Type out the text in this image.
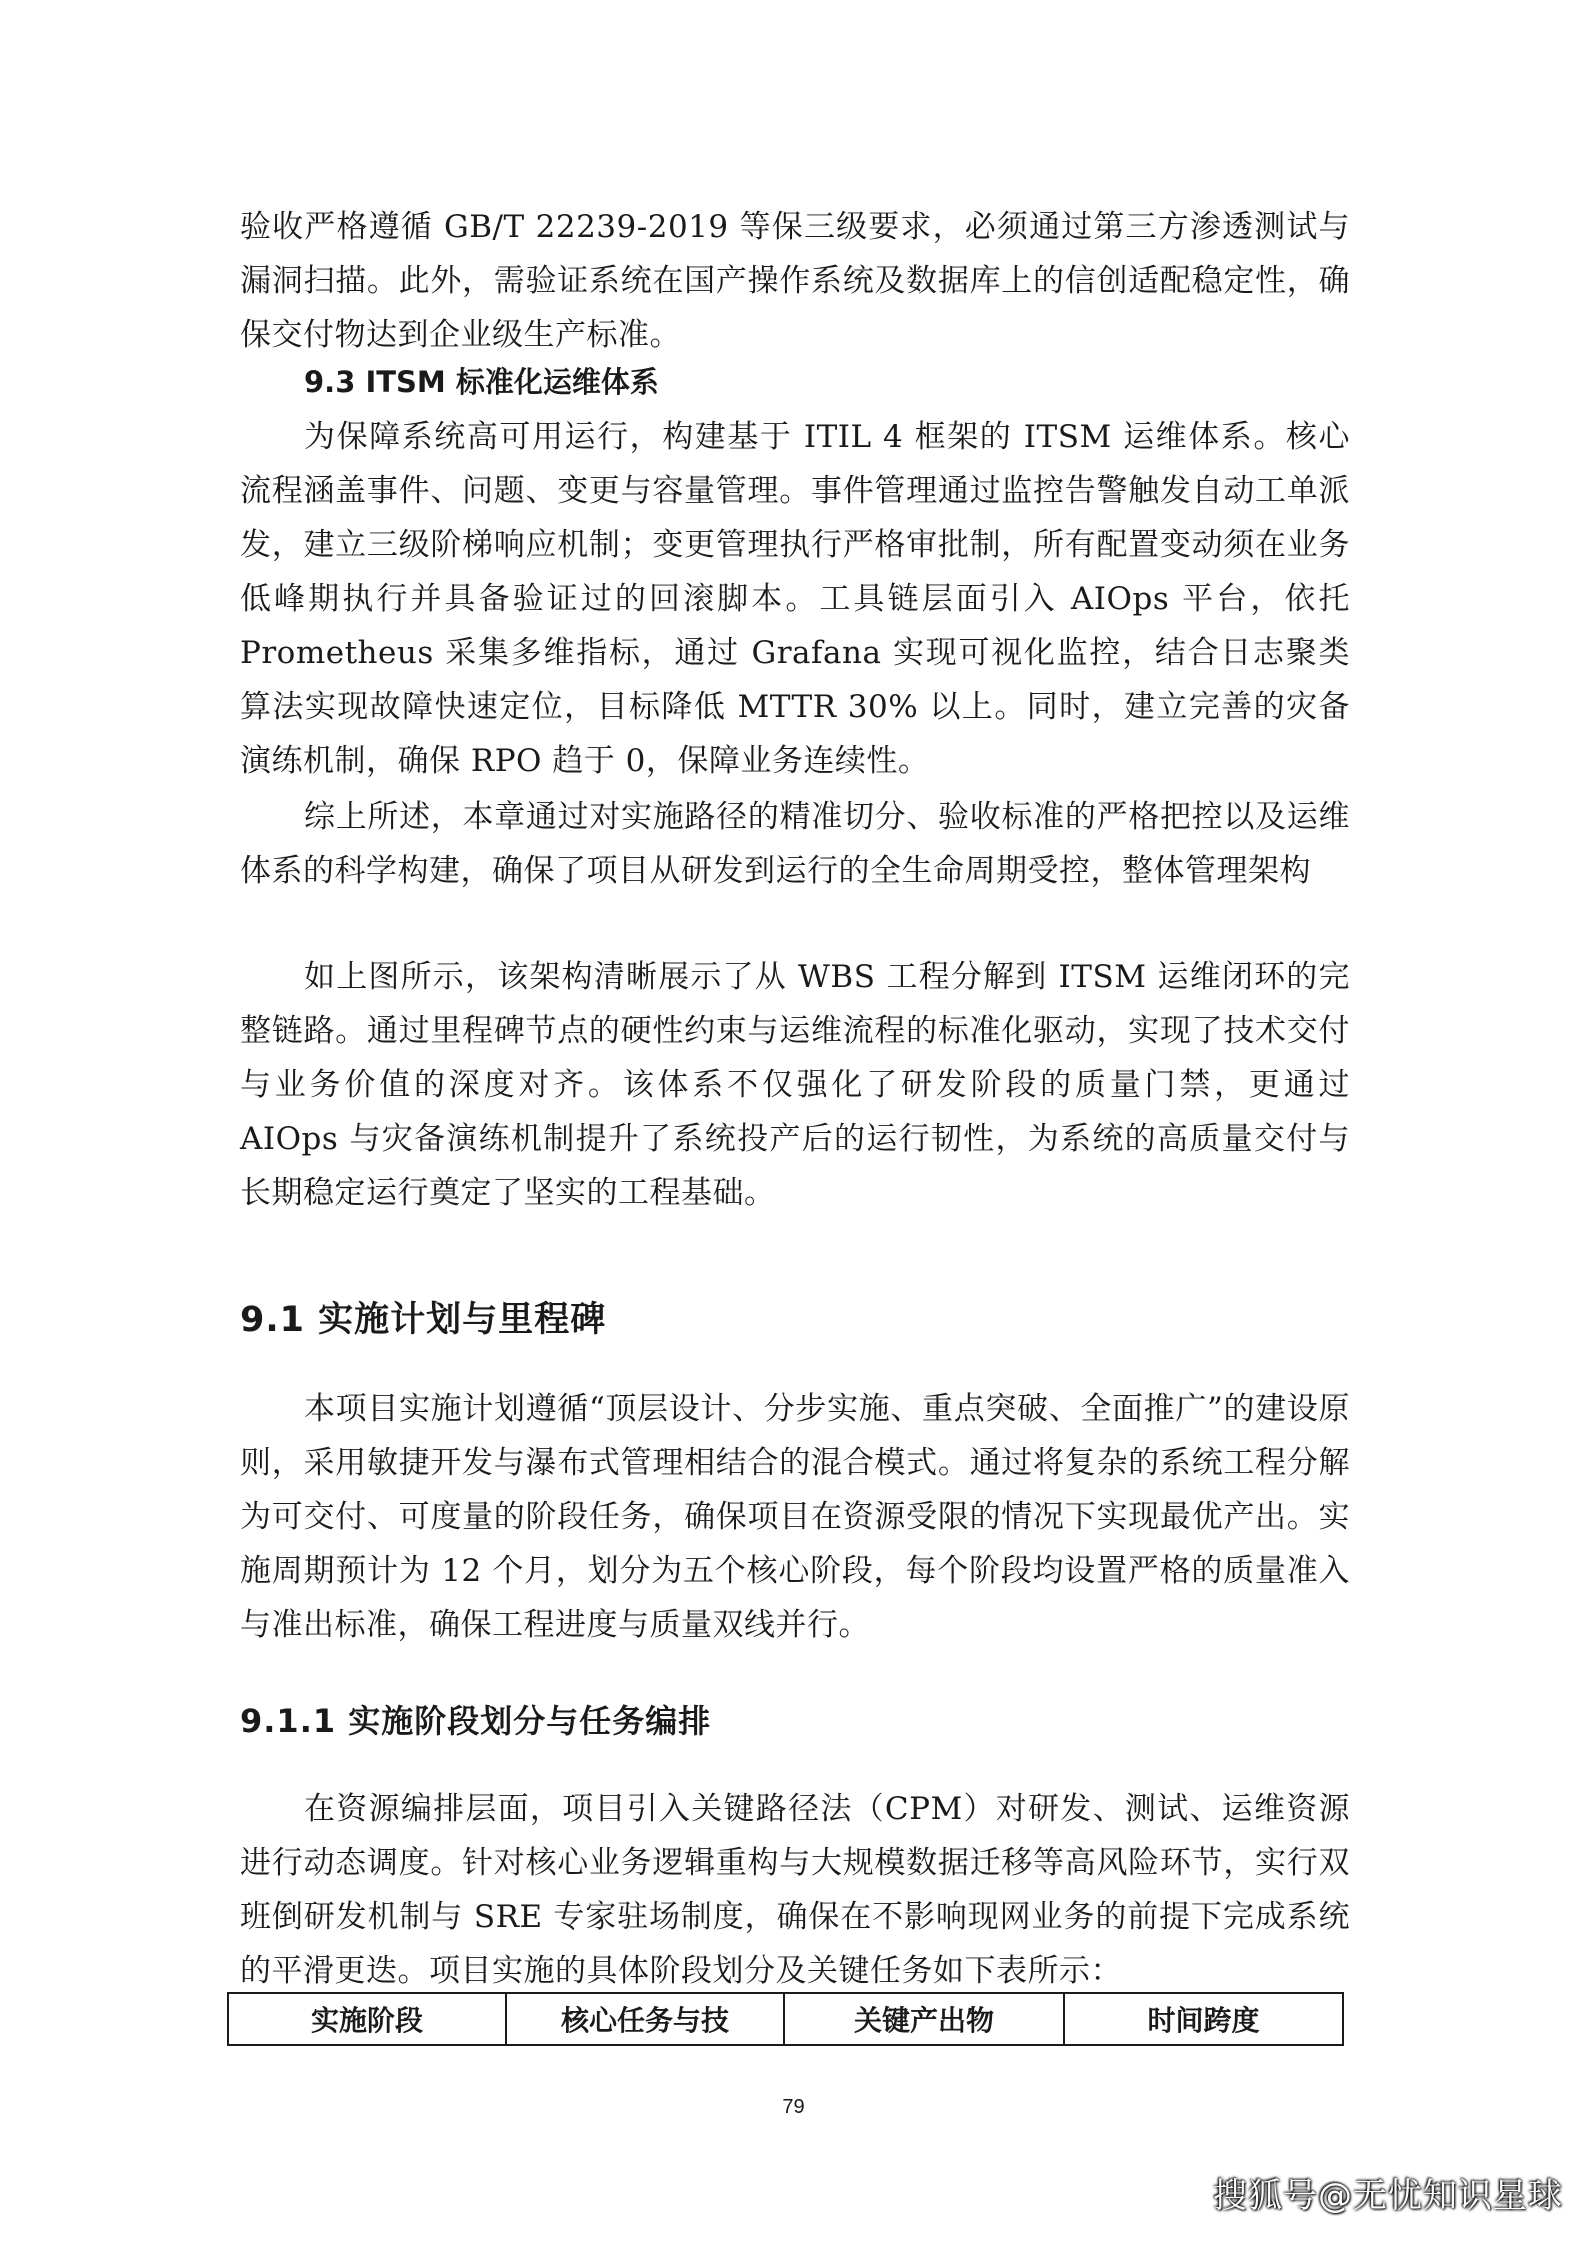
验收严格遵循 GB/T 22239-2019 等保三级要求，必须通过第三方渗透测试与漏洞扫描。此外，需验证系统在国产操作系统及数据库上的信创适配稳定性，确保交付物达到企业级生产标准。

9.3 ITSM 标准化运维体系

为保障系统高可用运行，构建基于 ITIL 4 框架的 ITSM 运维体系。核心流程涵盖事件、问题、变更与容量管理。事件管理通过监控告警触发自动工单派发，建立三级阶梯响应机制；变更管理执行严格审批制，所有配置变动须在业务低峰期执行并具备验证过的回滚脚本。工具链层面引入 AIOps 平台，依托 Prometheus 采集多维指标，通过 Grafana 实现可视化监控，结合日志聚类算法实现故障快速定位，目标降低 MTTR 30% 以上。同时，建立完善的灾备演练机制，确保 RPO 趋于 0，保障业务连续性。

综上所述，本章通过对实施路径的精准切分、验收标准的严格把控以及运维体系的科学构建，确保了项目从研发到运行的全生命周期受控，整体管理架构

如上图所示，该架构清晰展示了从 WBS 工程分解到 ITSM 运维闭环的完整链路。通过里程碑节点的硬性约束与运维流程的标准化驱动，实现了技术交付与业务价值的深度对齐。该体系不仅强化了研发阶段的质量门禁，更通过 AIOps 与灾备演练机制提升了系统投产后的运行韧性，为系统的高质量交付与长期稳定运行奠定了坚实的工程基础。

9.1 实施计划与里程碑

本项目实施计划遵循“顶层设计、分步实施、重点突破、全面推广”的建设原则，采用敏捷开发与瀑布式管理相结合的混合模式。通过将复杂的系统工程分解为可交付、可度量的阶段任务，确保项目在资源受限的情况下实现最优产出。实施周期预计为 12 个月，划分为五个核心阶段，每个阶段均设置严格的质量准入与准出标准，确保工程进度与质量双线并行。

9.1.1 实施阶段划分与任务编排

在资源编排层面，项目引入关键路径法（CPM）对研发、测试、运维资源进行动态调度。针对核心业务逻辑重构与大规模数据迁移等高风险环节，实行双班倒研发机制与 SRE 专家驻场制度，确保在不影响现网业务的前提下完成系统的平滑更迭。项目实施的具体阶段划分及关键任务如下表所示：

实施阶段	核心任务与技	关键产出物	时间跨度

79

搜狐号@无忧知识星球
